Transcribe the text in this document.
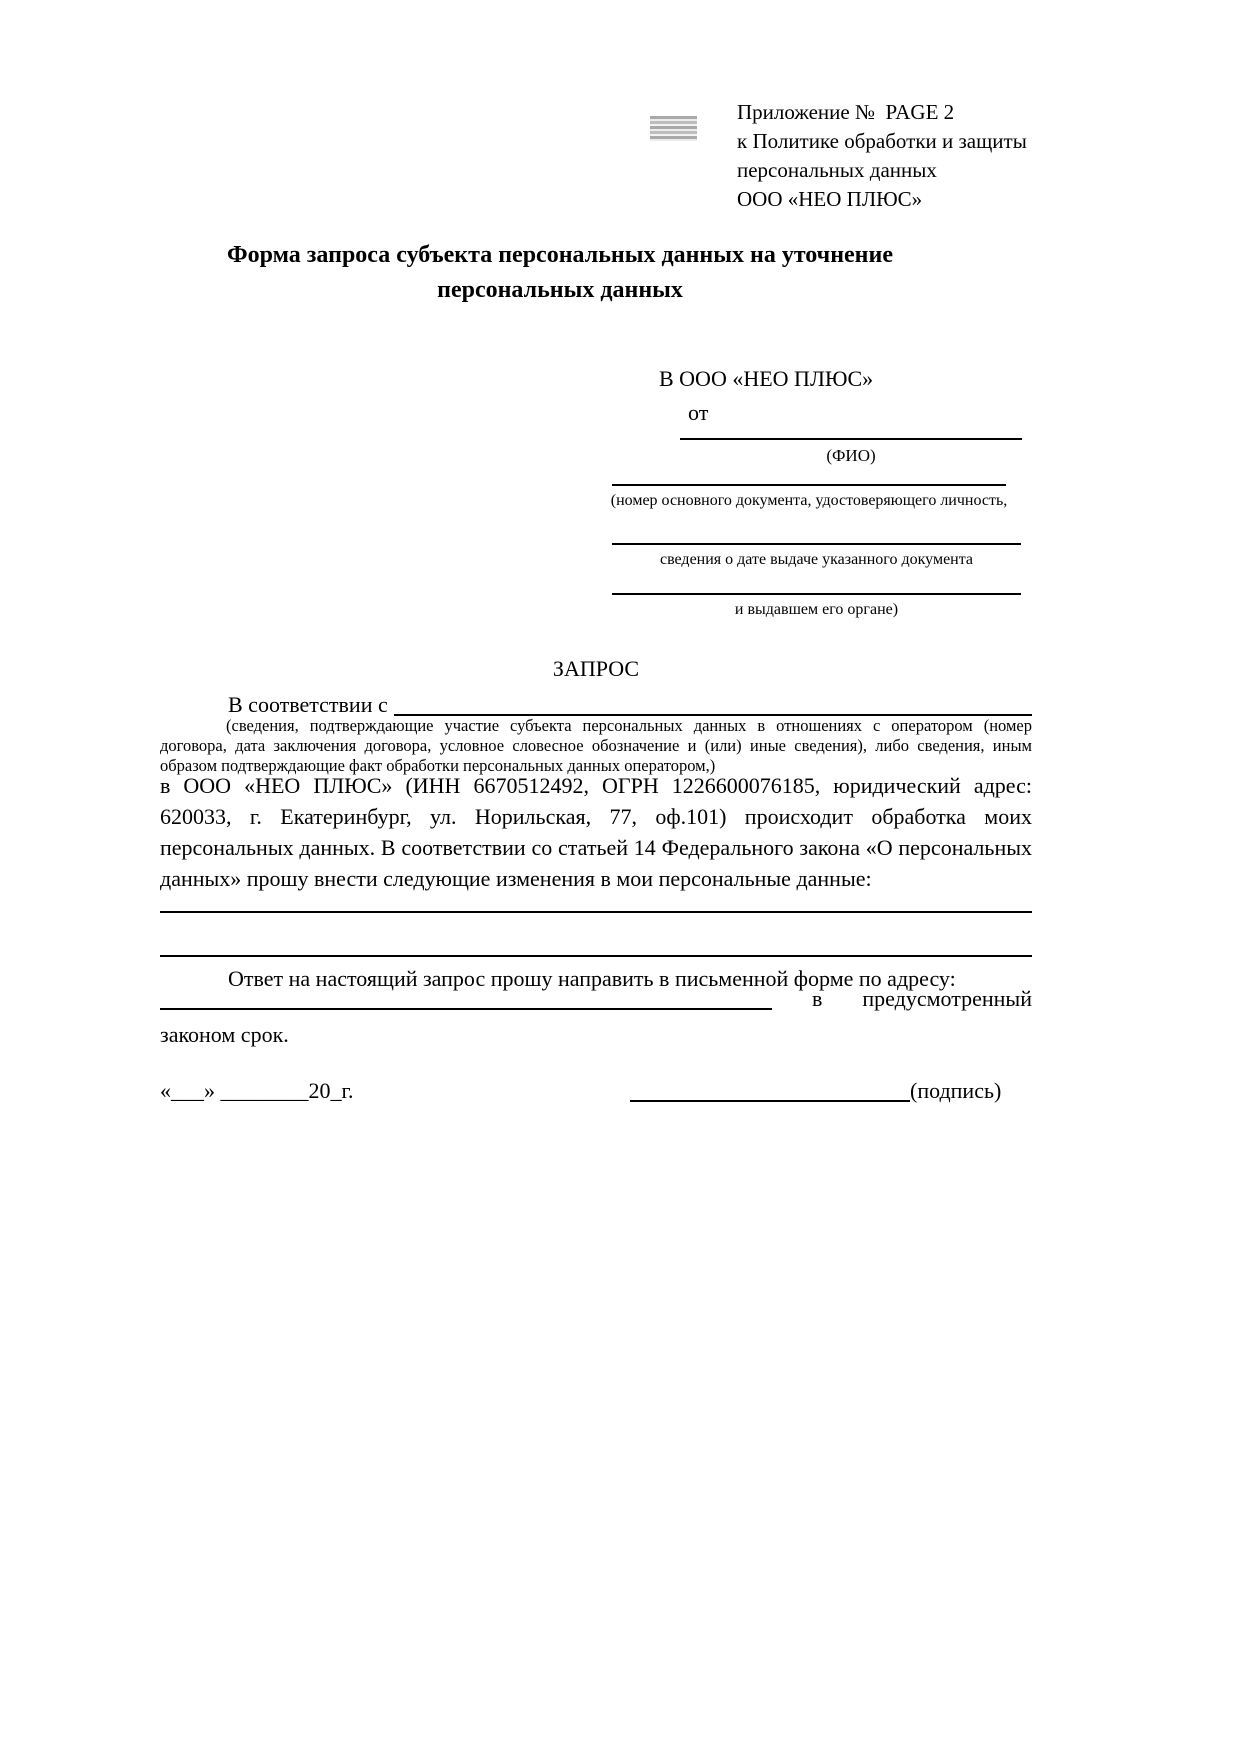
Приложение №  PAGE 2
к Политике обработки и защиты
персональных данных
ООО «НЕО ПЛЮС»
Форма запроса субъекта персональных данных на уточнение
персональных данных
В ООО «НЕО ПЛЮС»
от
(ФИО)
(номер основного документа, удостоверяющего личность,
сведения о дате выдаче указанного документа
и выдавшем его органе)
ЗАПРОС
В соответствии с
(сведения, подтверждающие участие субъекта персональных данных в отношениях с оператором (номер договора, дата заключения договора, условное словесное обозначение и (или) иные сведения), либо сведения, иным образом подтверждающие факт обработки персональных данных оператором,)
в ООО «НЕО ПЛЮС» (ИНН 6670512492, ОГРН 1226600076185, юридический адрес: 620033, г. Екатеринбург, ул. Норильская, 77, оф.101) происходит обработка моих персональных данных. В соответствии со статьей 14 Федерального закона «О персональных данных» прошу внести следующие изменения в мои персональные данные:
Ответ на настоящий запрос прошу направить в письменной форме по адресу:
в предусмотренный
законом срок.
«___» ________20_г.	(подпись)
